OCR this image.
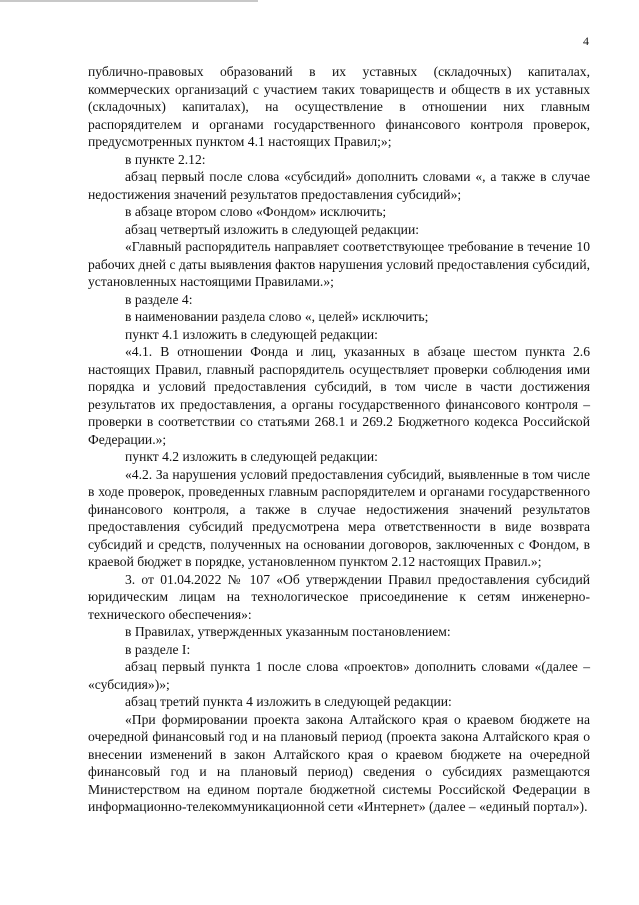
4

публично-правовых образований в их уставных (складочных) капиталах, коммерческих организаций с участием таких товариществ и обществ в их уставных (складочных) капиталах), на осуществление в отношении них главным распорядителем и органами государственного финансового контроля проверок, предусмотренных пунктом 4.1 настоящих Правил;»;

в пункте 2.12:

абзац первый после слова «субсидий» дополнить словами «, а также в случае недостижения значений результатов предоставления субсидий»;

в абзаце втором слово «Фондом» исключить;

абзац четвертый изложить в следующей редакции:

«Главный распорядитель направляет соответствующее требование в течение 10 рабочих дней с даты выявления фактов нарушения условий предоставления субсидий, установленных настоящими Правилами.»;

в разделе 4:

в наименовании раздела слово «, целей» исключить;

пункт 4.1 изложить в следующей редакции:

«4.1. В отношении Фонда и лиц, указанных в абзаце шестом пункта 2.6 настоящих Правил, главный распорядитель осуществляет проверки соблюдения ими порядка и условий предоставления субсидий, в том числе в части достижения результатов их предоставления, а органы государственного финансового контроля – проверки в соответствии со статьями 268.1 и 269.2 Бюджетного кодекса Российской Федерации.»;

пункт 4.2 изложить в следующей редакции:

«4.2. За нарушения условий предоставления субсидий, выявленные в том числе в ходе проверок, проведенных главным распорядителем и органами государственного финансового контроля, а также в случае недостижения значений результатов предоставления субсидий предусмотрена мера ответственности в виде возврата субсидий и средств, полученных на основании договоров, заключенных с Фондом, в краевой бюджет в порядке, установленном пунктом 2.12 настоящих Правил.»;

3. от 01.04.2022 № 107 «Об утверждении Правил предоставления субсидий юридическим лицам на технологическое присоединение к сетям инженерно-технического обеспечения»:

в Правилах, утвержденных указанным постановлением:

в разделе I:

абзац первый пункта 1 после слова «проектов» дополнить словами «(далее – «субсидия»)»;

абзац третий пункта 4 изложить в следующей редакции:

«При формировании проекта закона Алтайского края о краевом бюджете на очередной финансовый год и на плановый период (проекта закона Алтайского края о внесении изменений в закон Алтайского края о краевом бюджете на очередной финансовый год и на плановый период) сведения о субсидиях размещаются Министерством на едином портале бюджетной системы Российской Федерации в информационно-телекоммуникационной сети «Интернет» (далее – «единый портал»).
